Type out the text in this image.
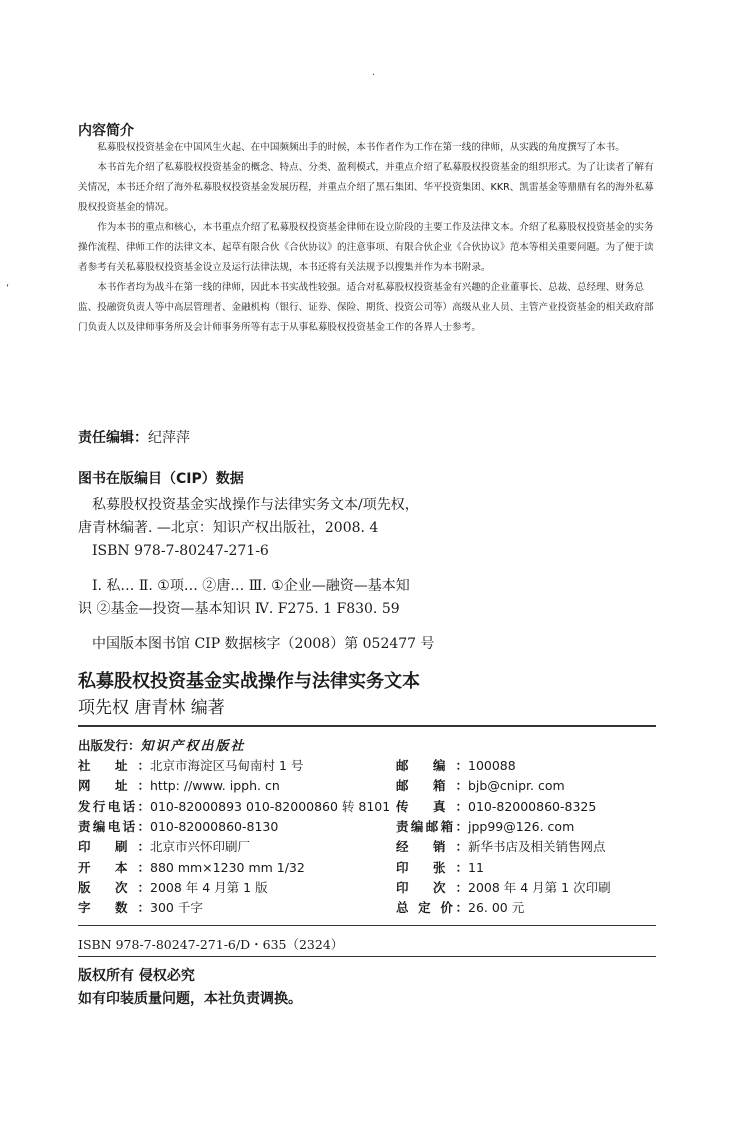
·
‘
内容简介

私募股权投资基金在中国风生火起、在中国频频出手的时候，本书作者作为工作在第一线的律师，从实践的角度撰写了本书。

本书首先介绍了私募股权投资基金的概念、特点、分类、盈利模式，并重点介绍了私募股权投资基金的组织形式。为了让读者了解有关情况，本书还介绍了海外私募股权投资基金发展历程，并重点介绍了黑石集团、华平投资集团、KKR、凯雷基金等鼎鼎有名的海外私募股权投资基金的情况。

作为本书的重点和核心，本书重点介绍了私募股权投资基金律师在设立阶段的主要工作及法律文本。介绍了私募股权投资基金的实务操作流程、律师工作的法律文本、起草有限合伙《合伙协议》的注意事项、有限合伙企业《合伙协议》范本等相关重要问题。为了便于读者参考有关私募股权投资基金设立及运行法律法规，本书还将有关法规予以搜集并作为本书附录。

本书作者均为战斗在第一线的律师，因此本书实战性较强。适合对私募股权投资基金有兴趣的企业董事长、总裁、总经理、财务总监、投融资负责人等中高层管理者、金融机构（银行、证券、保险、期货、投资公司等）高级从业人员、主管产业投资基金的相关政府部门负责人以及律师事务所及会计师事务所等有志于从事私募股权投资基金工作的各界人士参考。

责任编辑：纪萍萍
图书在版编目（CIP）数据
私募股权投资基金实战操作与法律实务文本/项先权，
唐青林编著. —北京：知识产权出版社，2008. 4
ISBN 978-7-80247-271-6
Ⅰ. 私… Ⅱ. ①项… ②唐… Ⅲ. ①企业—融资—基本知
识 ②基金—投资—基本知识 Ⅳ. F275. 1 F830. 59
中国版本图书馆 CIP 数据核字（2008）第 052477 号
私募股权投资基金实战操作与法律实务文本
项先权 唐青林 编著
出版发行：知识产权出版社
社 址：北京市海淀区马甸南村 1 号
网 址：http: //www. ipph. cn
发行电话：010-82000893 010-82000860 转 8101
责编电话：010-82000860-8130
印 刷：北京市兴怀印刷厂
开 本：880 mm×1230 mm 1/32
版 次：2008 年 4 月第 1 版
字 数：300 千字
邮 编：100088
邮 箱：bjb@cnipr. com
传 真：010-82000860-8325
责编邮箱：jpp99@126. com
经 销：新华书店及相关销售网点
印 张：11
印 次：2008 年 4 月第 1 次印刷
总 定 价：26. 00 元
ISBN 978-7-80247-271-6/D・635（2324）
版权所有 侵权必究
如有印装质量问题，本社负责调换。
